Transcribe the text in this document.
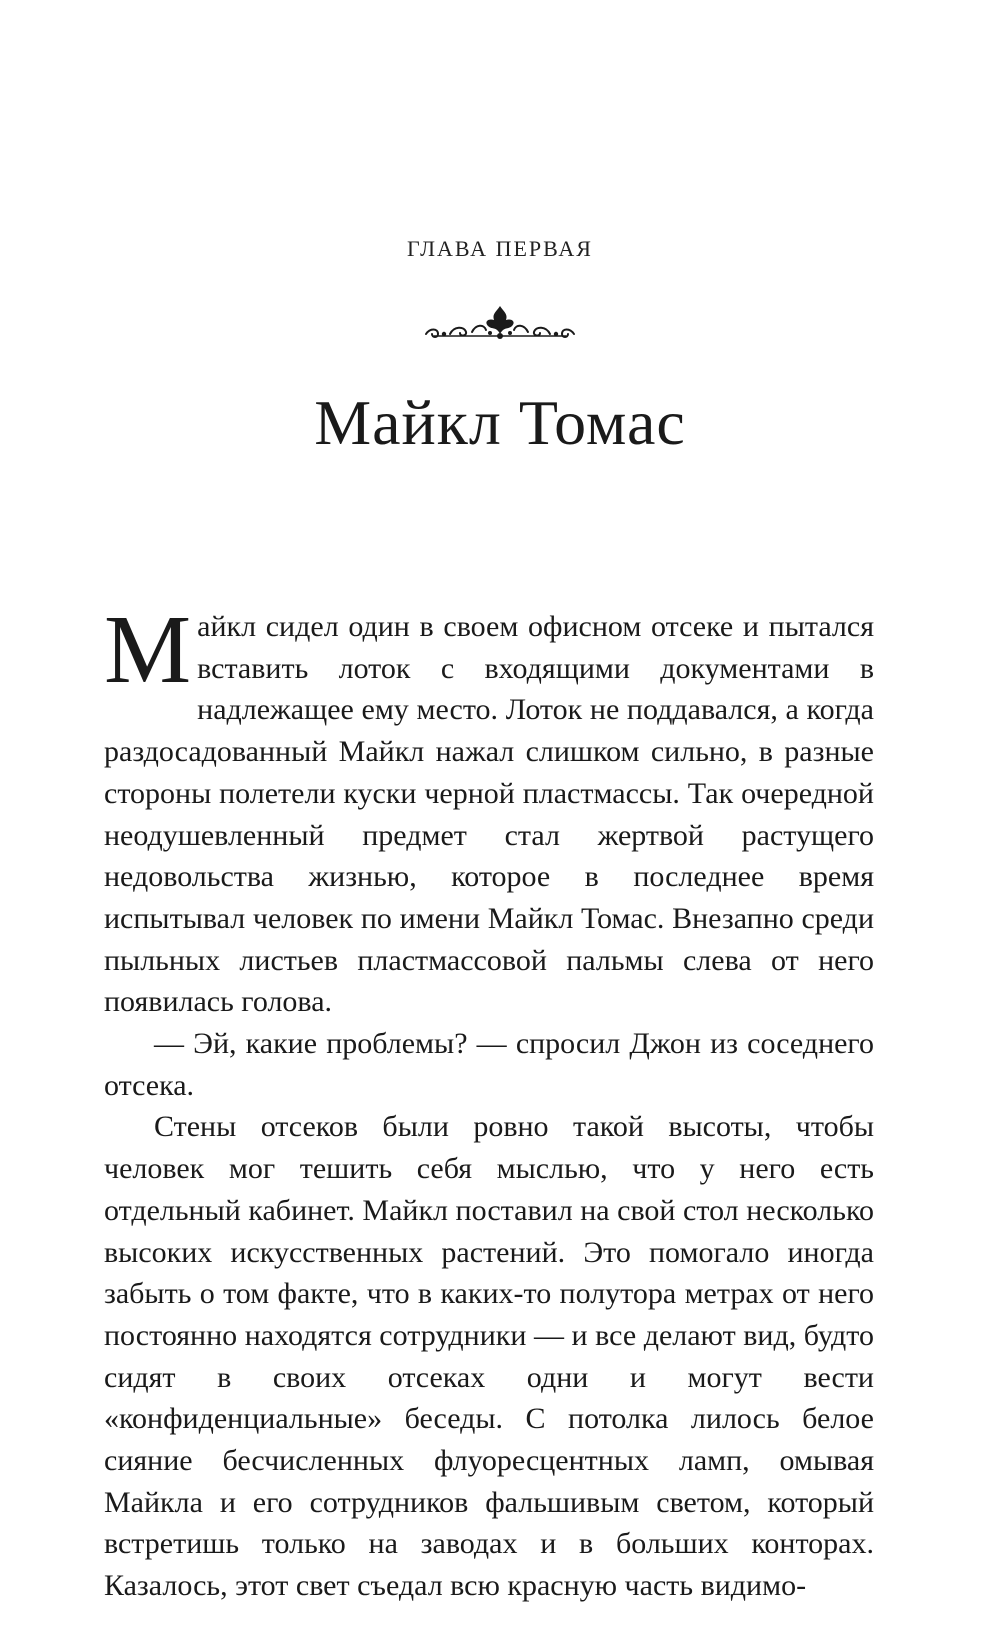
ГЛАВА ПЕРВАЯ
Майкл Томас

Майкл сидел один в своем офисном отсеке и пытался вставить лоток с входящими документами в надлежащее ему место. Лоток не поддавался, а когда раздосадованный Майкл нажал слишком сильно, в разные стороны полетели куски черной пластмассы. Так очередной неодушевленный предмет стал жертвой растущего недовольства жизнью, которое в последнее время испытывал человек по имени Майкл Томас. Внезапно среди пыльных листьев пластмассовой пальмы слева от него появилась голова.

— Эй, какие проблемы? — спросил Джон из соседнего отсека.

Стены отсеков были ровно такой высоты, чтобы человек мог тешить себя мыслью, что у него есть отдельный кабинет. Майкл поставил на свой стол несколько высоких искусственных растений. Это помогало иногда забыть о том факте, что в каких-то полутора метрах от него постоянно находятся сотрудники — и все делают вид, будто сидят в своих отсеках одни и могут вести «конфиденциальные» беседы. С потолка лилось белое сияние бесчисленных флуоресцентных ламп, омывая Майкла и его сотрудников фальшивым светом, который встретишь только на заводах и в больших конторах. Казалось, этот свет съедал всю красную часть видимо-
